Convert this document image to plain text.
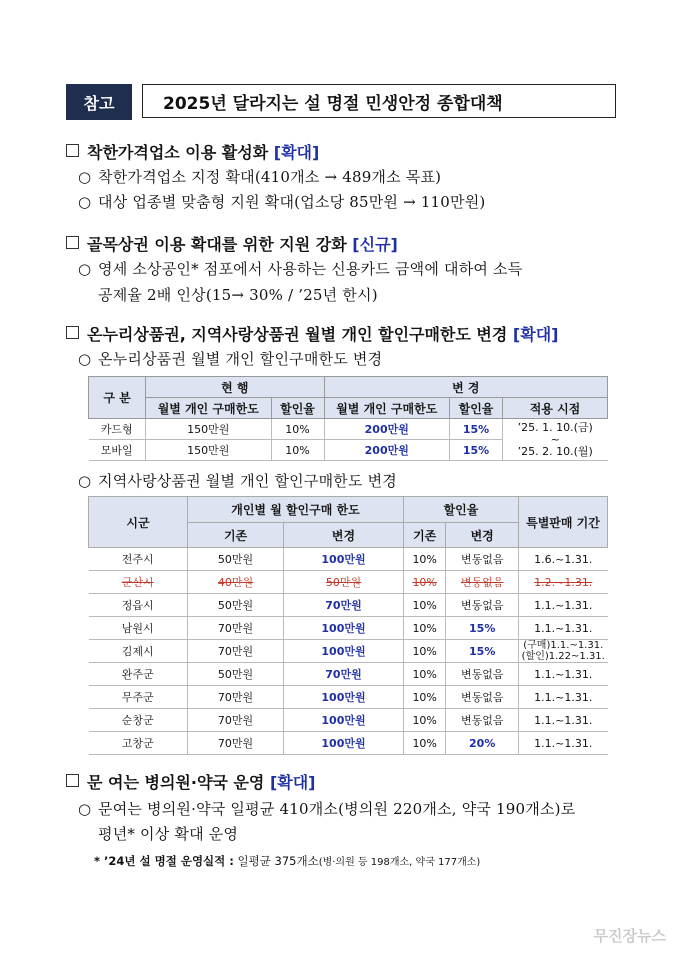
참고	2025년 달라지는 설 명절 민생안정 종합대책
착한가격업소 이용 활성화 [확대]
○ 착한가격업소 지정 확대(410개소 → 489개소 목표)
○ 대상 업종별 맞춤형 지원 확대(업소당 85만원 → 110만원)
골목상권 이용 확대를 위한 지원 강화 [신규]
○ 영세 소상공인* 점포에서 사용하는 신용카드 금액에 대하여 소득
공제율 2배 인상(15→ 30% / ’25년 한시)
온누리상품권, 지역사랑상품권 월별 개인 할인구매한도 변경 [확대]
○ 온누리상품권 월별 개인 할인구매한도 변경
구 분	현 행		변 경		
	월별 개인 구매한도	할인율	월별 개인 구매한도	할인율	적용 시점
카드형	150만원	10%	200만원	15%	’25. 1. 10.(금)
~
’25. 2. 10.(월)

모바일	150만원	10%	200만원	15%	
○ 지역사랑상품권 월별 개인 할인구매한도 변경
시군	개인별 월 할인구매 한도		할인율		특별판매 기간
	기존	변경	기존	변경	
전주시	50만원	100만원	10%	변동없음	1.6.~1.31.
군산시	40만원	50만원	10%	변동없음	1.2.~1.31.
정읍시	50만원	70만원	10%	변동없음	1.1.~1.31.
남원시	70만원	100만원	10%	15%	1.1.~1.31.
김제시	70만원	100만원	10%	15%	(구매)1.1.~1.31.
(할인)1.22~1.31.

완주군	50만원	70만원	10%	변동없음	1.1.~1.31.
무주군	70만원	100만원	10%	변동없음	1.1.~1.31.
순창군	70만원	100만원	10%	변동없음	1.1.~1.31.
고창군	70만원	100만원	10%	20%	1.1.~1.31.
문 여는 병의원·약국 운영 [확대]
○ 문여는 병의원·약국 일평균 410개소(병의원 220개소, 약국 190개소)로
평년* 이상 확대 운영
* ’24년 설 명절 운영실적 : 일평균 375개소(병·의원 등 198개소, 약국 177개소)
무진장뉴스
